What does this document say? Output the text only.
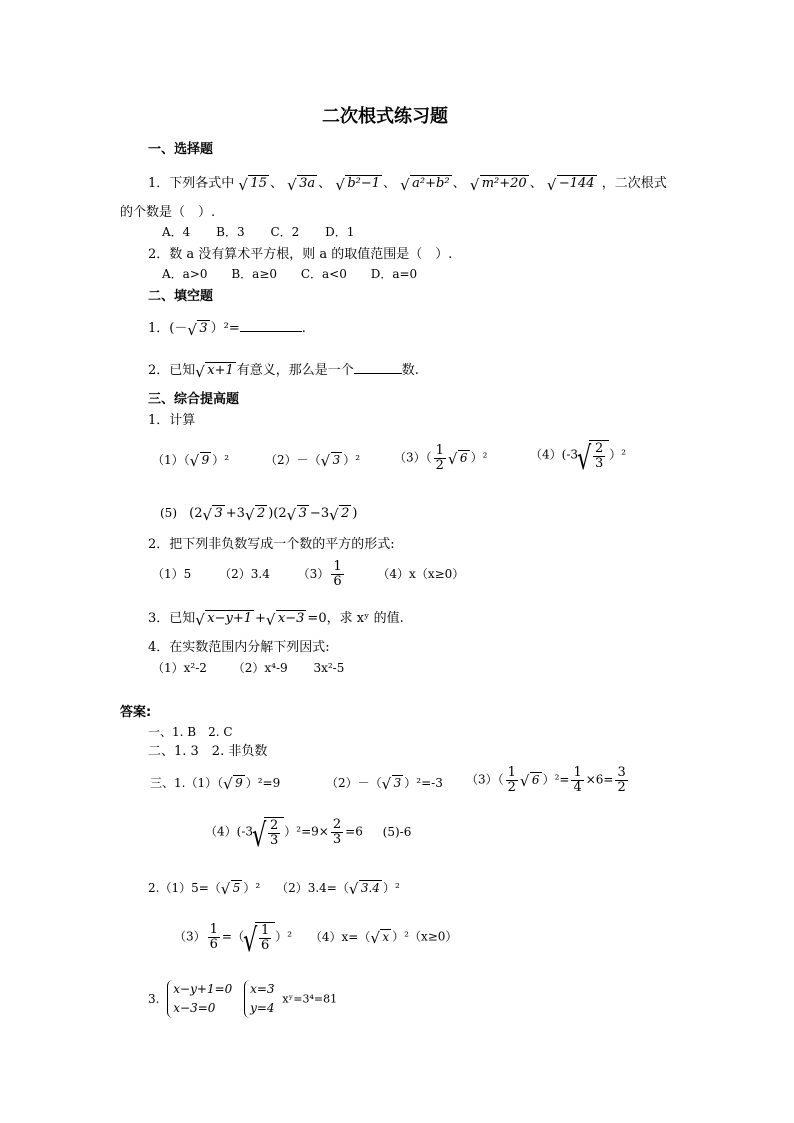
二次根式练习题
一、选择题
1．下列各式中 √ 15 、 √ 3a 、 √ b²−1 、 √ a²+b² 、 √ m²+20 、 √ −144 ，二次根式
的个数是（　）.
A．4 B．3 C．2 D．1
2．数 a 没有算术平方根，则 a 的取值范围是（　）.
A．a>0 B．a≥0 C．a<0 D．a=0
二、填空题
1．(－ √ 3 ）²=	.
2．已知 √ x+1 有意义，那么是一个	数.
三、综合提高题
1．计算
（1）（ √ 9 ）²	（2）－（ √ 3 ）²	$(3)( \frac{1}{2}$ √ 6 ）²	（4）(-3 √ $\frac{2}{3} )^2$
(5) (2 √ 3 +3 √ 2 )(2 √ 3 −3 √ 2 )
2．把下列非负数写成一个数的平方的形式:
（1）5 （2）3.4 $(3) \frac{1}{6}$	（4）x（x≥0）
3．已知 √ x−y+1 + √ x−3 =0，求 xʸ 的值.
4．在实数范围内分解下列因式:
（1）x²-2 （2）x⁴-9 3x²-5
答案:
一、1. B　2. C
二、1. 3　2. 非负数
三、1.（1）（ √ 9 ）²=9	（2）－（ √ 3 ）²=-3 $(3)( \frac{1}{2}$ √ 6 ）$^2= \frac{1}{4} \times 6= \frac{3}{2}$
（4）(-3 √ $\frac{2}{3} )^2=9\times \frac{2}{3} =6$ (5)-6
2.（1）5=（ √ 5 ）² （2）3.4=（ √ 3.4 ）²
$(3) \frac{1}{6}$ =（ √ $\frac{1}{6} )^2$ （4）x=（ √ x ）²（x≥0）
3.
x−y+1=0
x−3=0

x=3
y=4
xʸ=3⁴=81
